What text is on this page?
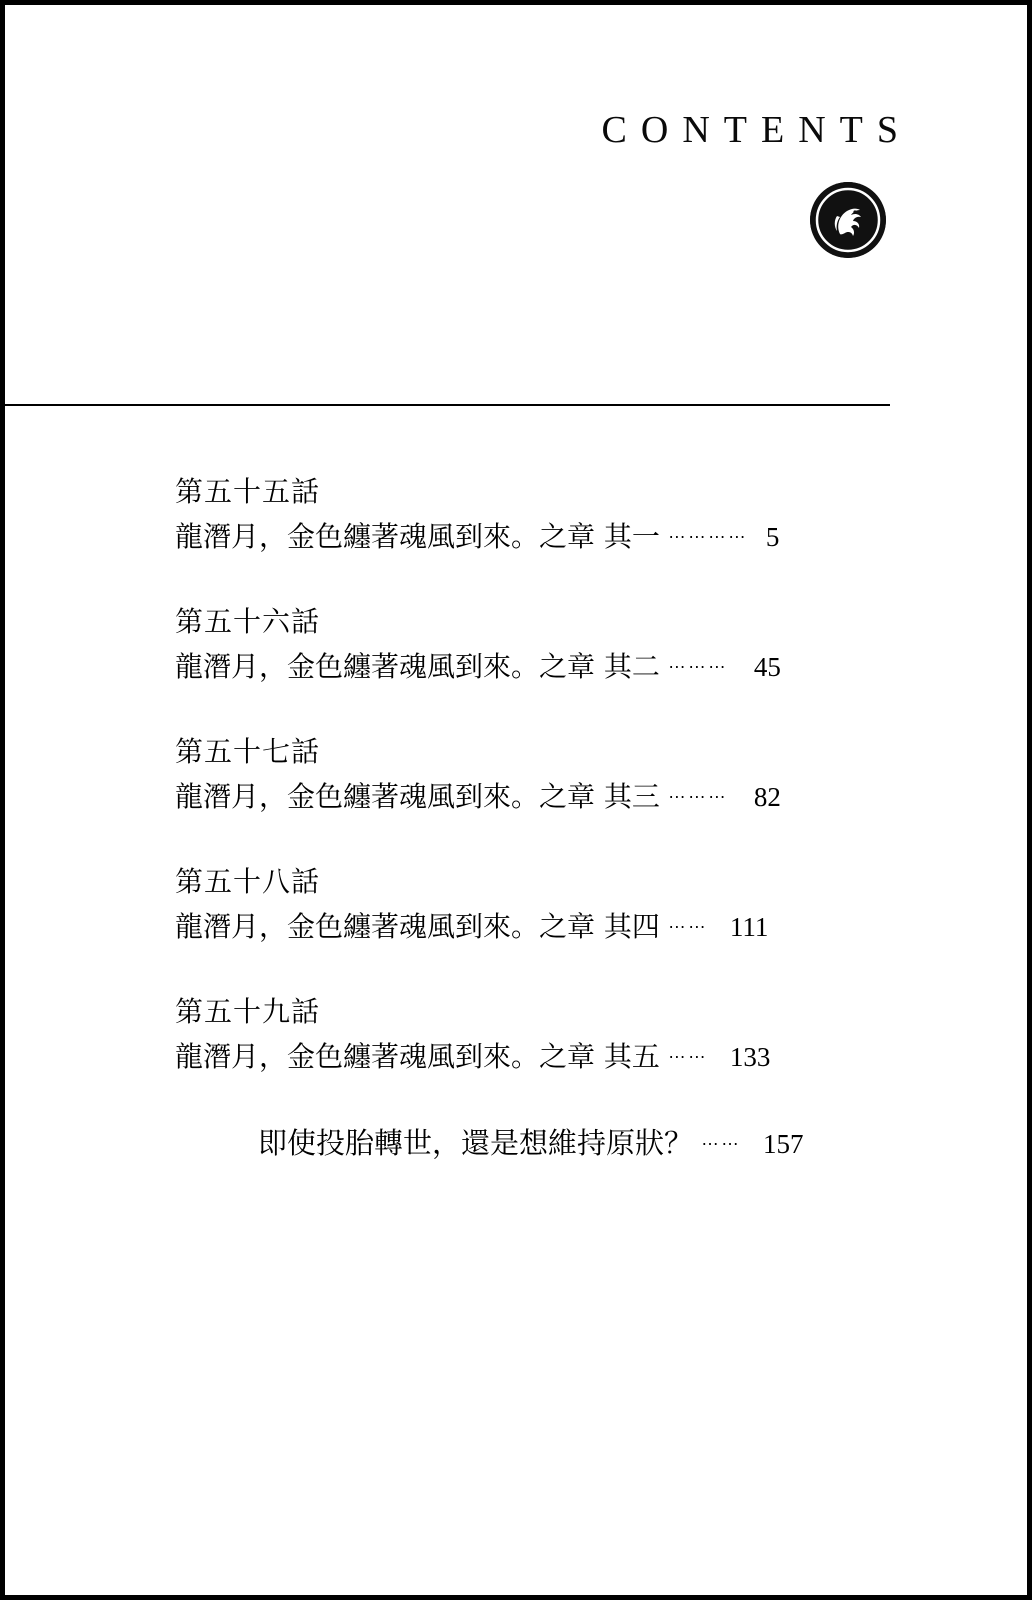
CONTENTS
第五十五話
龍潛月，金色纏著魂風到來。之章 其一 ………… 5
第五十六話
龍潛月，金色纏著魂風到來。之章 其二 ……… 45
第五十七話
龍潛月，金色纏著魂風到來。之章 其三 ……… 82
第五十八話
龍潛月，金色纏著魂風到來。之章 其四 …… 111
第五十九話
龍潛月，金色纏著魂風到來。之章 其五 …… 133
即使投胎轉世，還是想維持原狀？ …… 157
